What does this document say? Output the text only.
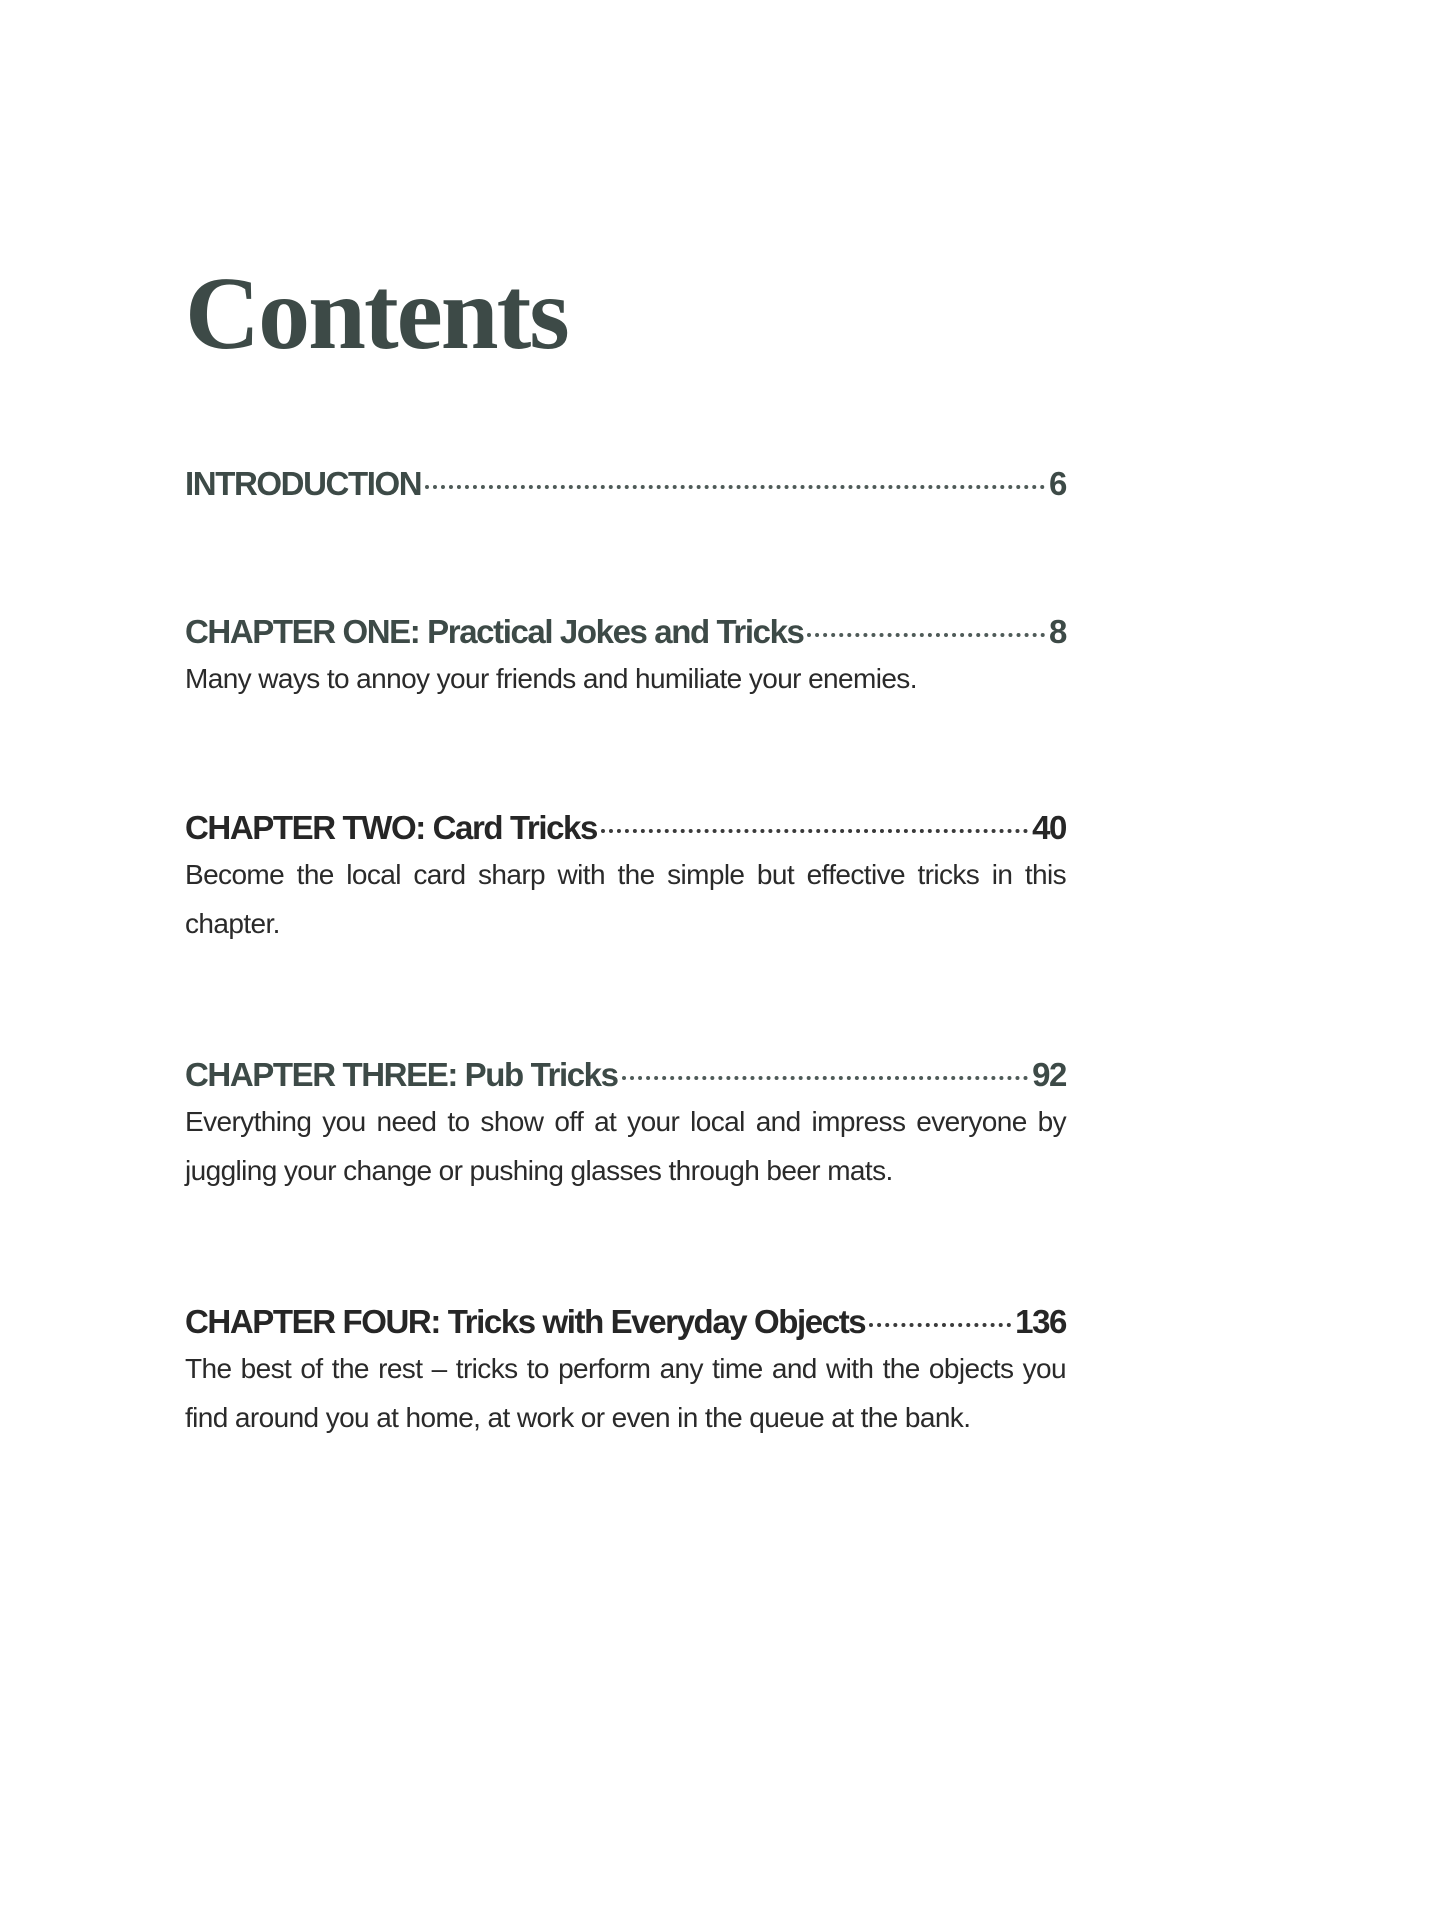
Contents
INTRODUCTION	6
CHAPTER ONE: Practical Jokes and Tricks	8

Many ways to annoy your friends and humiliate your enemies.

CHAPTER TWO: Card Tricks	40

Become the local card sharp with the simple but effective tricks in this chapter.

CHAPTER THREE: Pub Tricks	92

Everything you need to show off at your local and impress everyone by juggling your change or pushing glasses through beer mats.

CHAPTER FOUR: Tricks with Everyday Objects	136

The best of the rest – tricks to perform any time and with the objects you find around you at home, at work or even in the queue at the bank.
